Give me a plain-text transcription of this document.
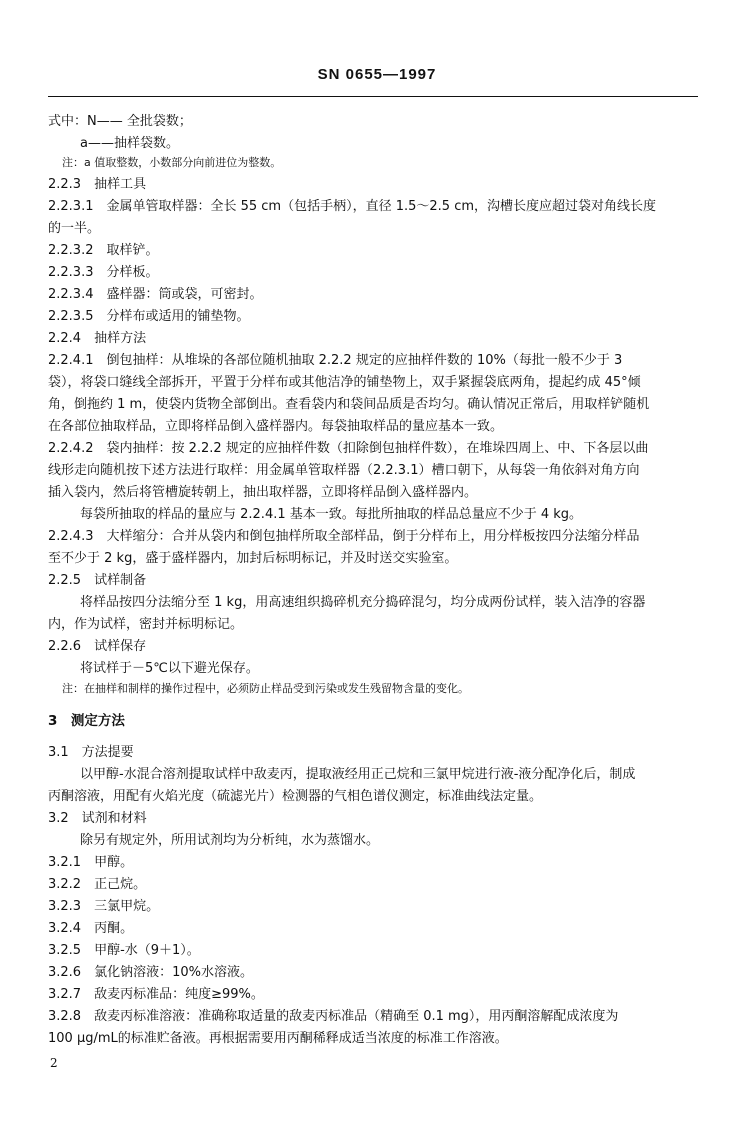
SN 0655—1997
式中：N—— 全批袋数；
a——抽样袋数。
注：a 值取整数，小数部分向前进位为整数。
2.2.3　抽样工具
2.2.3.1　金属单管取样器：全长 55 cm（包括手柄），直径 1.5～2.5 cm，沟槽长度应超过袋对角线长度
的一半。
2.2.3.2　取样铲。
2.2.3.3　分样板。
2.2.3.4　盛样器：筒或袋，可密封。
2.2.3.5　分样布或适用的铺垫物。
2.2.4　抽样方法
2.2.4.1　倒包抽样：从堆垛的各部位随机抽取 2.2.2 规定的应抽样件数的 10%（每批一般不少于 3
袋），将袋口缝线全部拆开，平置于分样布或其他洁净的铺垫物上，双手紧握袋底两角，提起约成 45°倾
角，倒拖约 1 m，使袋内货物全部倒出。查看袋内和袋间品质是否均匀。确认情况正常后，用取样铲随机
在各部位抽取样品，立即将样品倒入盛样器内。每袋抽取样品的量应基本一致。
2.2.4.2　袋内抽样：按 2.2.2 规定的应抽样件数（扣除倒包抽样件数），在堆垛四周上、中、下各层以曲
线形走向随机按下述方法进行取样：用金属单管取样器（2.2.3.1）槽口朝下，从每袋一角依斜对角方向
插入袋内，然后将管槽旋转朝上，抽出取样器，立即将样品倒入盛样器内。
每袋所抽取的样品的量应与 2.2.4.1 基本一致。每批所抽取的样品总量应不少于 4 kg。
2.2.4.3　大样缩分：合并从袋内和倒包抽样所取全部样品，倒于分样布上，用分样板按四分法缩分样品
至不少于 2 kg，盛于盛样器内，加封后标明标记，并及时送交实验室。
2.2.5　试样制备
将样品按四分法缩分至 1 kg，用高速组织捣碎机充分捣碎混匀，均分成两份试样，装入洁净的容器
内，作为试样，密封并标明标记。
2.2.6　试样保存
将试样于－5℃以下避光保存。
注：在抽样和制样的操作过程中，必须防止样品受到污染或发生残留物含量的变化。
3　测定方法
3.1　方法提要
以甲醇-水混合溶剂提取试样中敌麦丙，提取液经用正己烷和三氯甲烷进行液-液分配净化后，制成
丙酮溶液，用配有火焰光度（硫滤光片）检测器的气相色谱仪测定，标准曲线法定量。
3.2　试剂和材料
除另有规定外，所用试剂均为分析纯，水为蒸馏水。
3.2.1　甲醇。
3.2.2　正己烷。
3.2.3　三氯甲烷。
3.2.4　丙酮。
3.2.5　甲醇-水（9＋1）。
3.2.6　氯化钠溶液：10%水溶液。
3.2.7　敌麦丙标准品：纯度≥99%。
3.2.8　敌麦丙标准溶液：准确称取适量的敌麦丙标准品（精确至 0.1 mg），用丙酮溶解配成浓度为
100 μg/mL的标准贮备液。再根据需要用丙酮稀释成适当浓度的标准工作溶液。
2
